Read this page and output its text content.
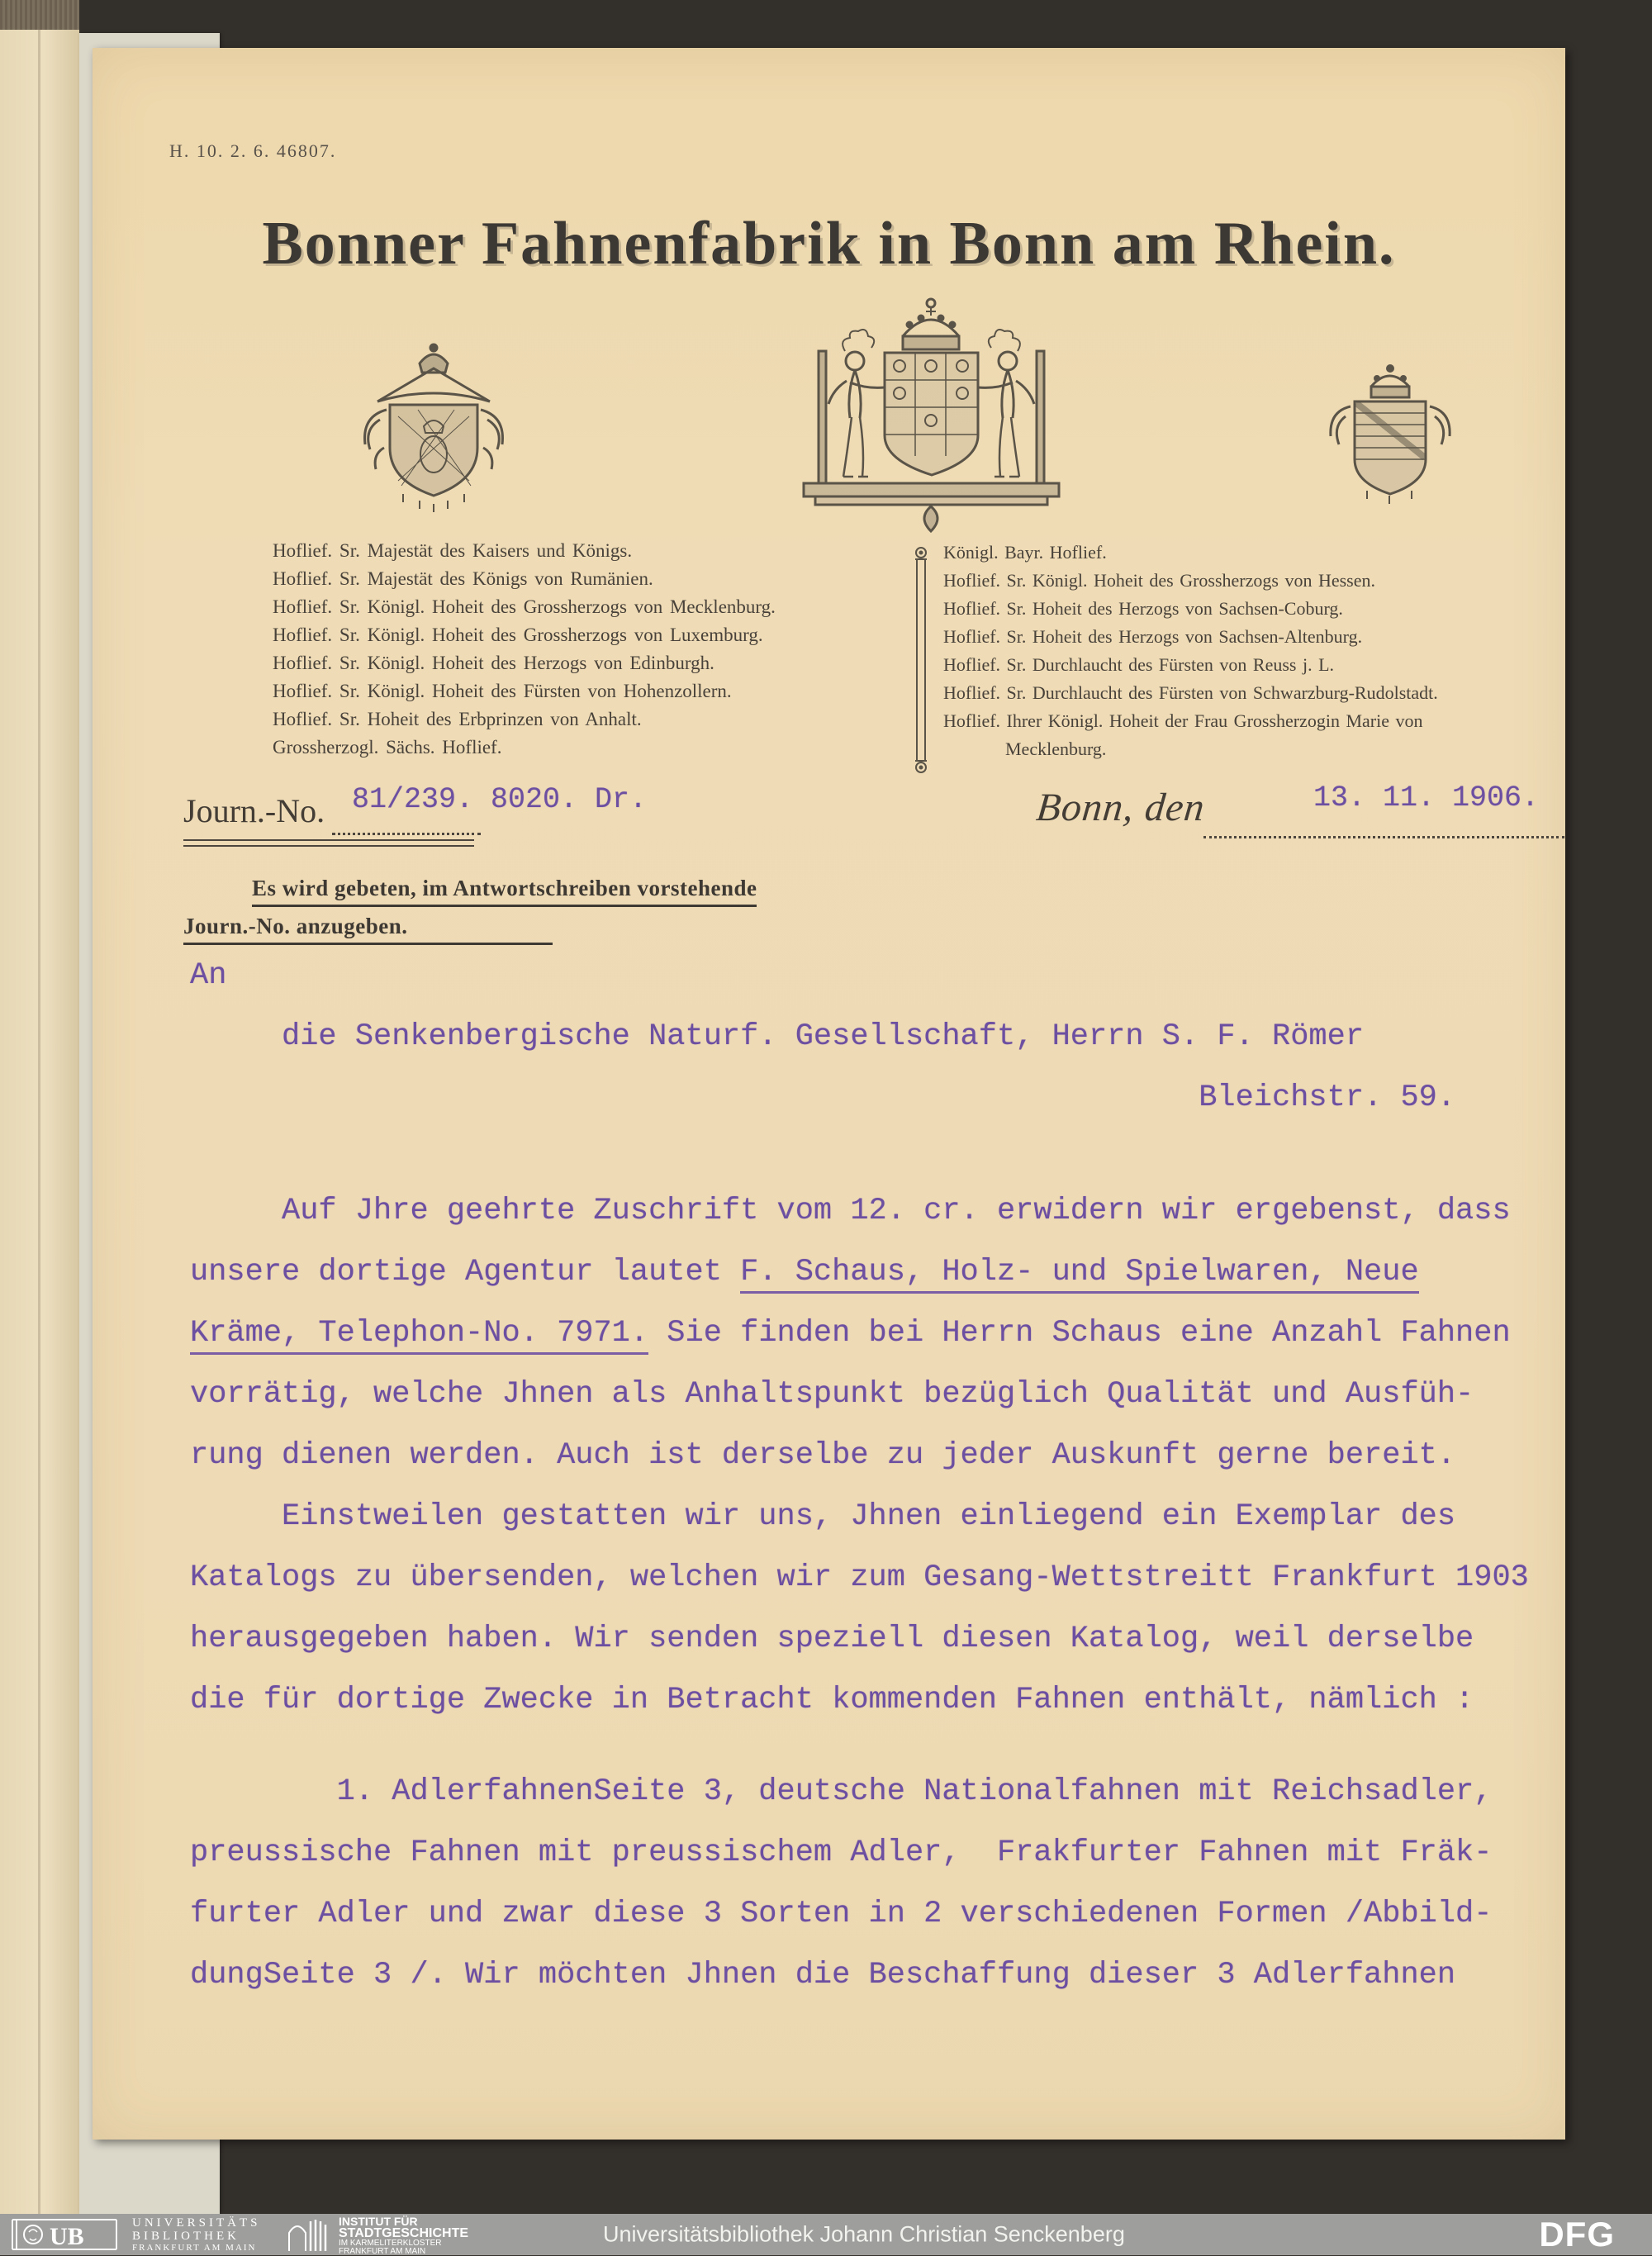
H. 10. 2. 6. 46807.
Bonner Fahnenfabrik in Bonn am Rhein.
Hoflief. Sr. Majestät des Kaisers und Königs.
Hoflief. Sr. Majestät des Königs von Rumänien.
Hoflief. Sr. Königl. Hoheit des Grossherzogs von Mecklenburg.
Hoflief. Sr. Königl. Hoheit des Grossherzogs von Luxemburg.
Hoflief. Sr. Königl. Hoheit des Herzogs von Edinburgh.
Hoflief. Sr. Königl. Hoheit des Fürsten von Hohenzollern.
Hoflief. Sr. Hoheit des Erbprinzen von Anhalt.
Grossherzogl. Sächs. Hoflief.
Königl. Bayr. Hoflief.
Hoflief. Sr. Königl. Hoheit des Grossherzogs von Hessen.
Hoflief. Sr. Hoheit des Herzogs von Sachsen-Coburg.
Hoflief. Sr. Hoheit des Herzogs von Sachsen-Altenburg.
Hoflief. Sr. Durchlaucht des Fürsten von Reuss j. L.
Hoflief. Sr. Durchlaucht des Fürsten von Schwarzburg-Rudolstadt.
Hoflief. Ihrer Königl. Hoheit der Frau Grossherzogin Marie von
Mecklenburg.
Journ.-No. 81/239. 8020. Dr.	Bonn, den	13. 11. 1906.
Es wird gebeten, im Antwortschreiben vorstehende
Journ.-No. anzugeben.
An
die Senkenbergische Naturf. Gesellschaft, Herrn S. F. Römer
Bleichstr. 59.
Auf Jhre geehrte Zuschrift vom 12. cr. erwidern wir ergebenst, dass
unsere dortige Agentur lautet F. Schaus, Holz- und Spielwaren, Neue
Kräme, Telephon-No. 7971. Sie finden bei Herrn Schaus eine Anzahl Fahnen
vorrätig, welche Jhnen als Anhaltspunkt bezüglich Qualität und Ausfüh-
rung dienen werden. Auch ist derselbe zu jeder Auskunft gerne bereit.
Einstweilen gestatten wir uns, Jhnen einliegend ein Exemplar des
Katalogs zu übersenden, welchen wir zum Gesang-Wettstreitt Frankfurt 1903
herausgegeben haben. Wir senden speziell diesen Katalog, weil derselbe
die für dortige Zwecke in Betracht kommenden Fahnen enthält, nämlich :
1. AdlerfahnenSeite 3, deutsche Nationalfahnen mit Reichsadler,
preussische Fahnen mit preussischem Adler,  Frakfurter Fahnen mit Fräk-
furter Adler und zwar diese 3 Sorten in 2 verschiedenen Formen /Abbild-
dungSeite 3 /. Wir möchten Jhnen die Beschaffung dieser 3 Adlerfahnen
UB	UNIVERSITÄTS
BIBLIOTHEK
FRANKFURT AM MAIN
INSTITUT FÜR
STADTGESCHICHTE
IM KARMELITERKLOSTER
FRANKFURT AM MAIN
Universitätsbibliothek Johann Christian Senckenberg	DFG
